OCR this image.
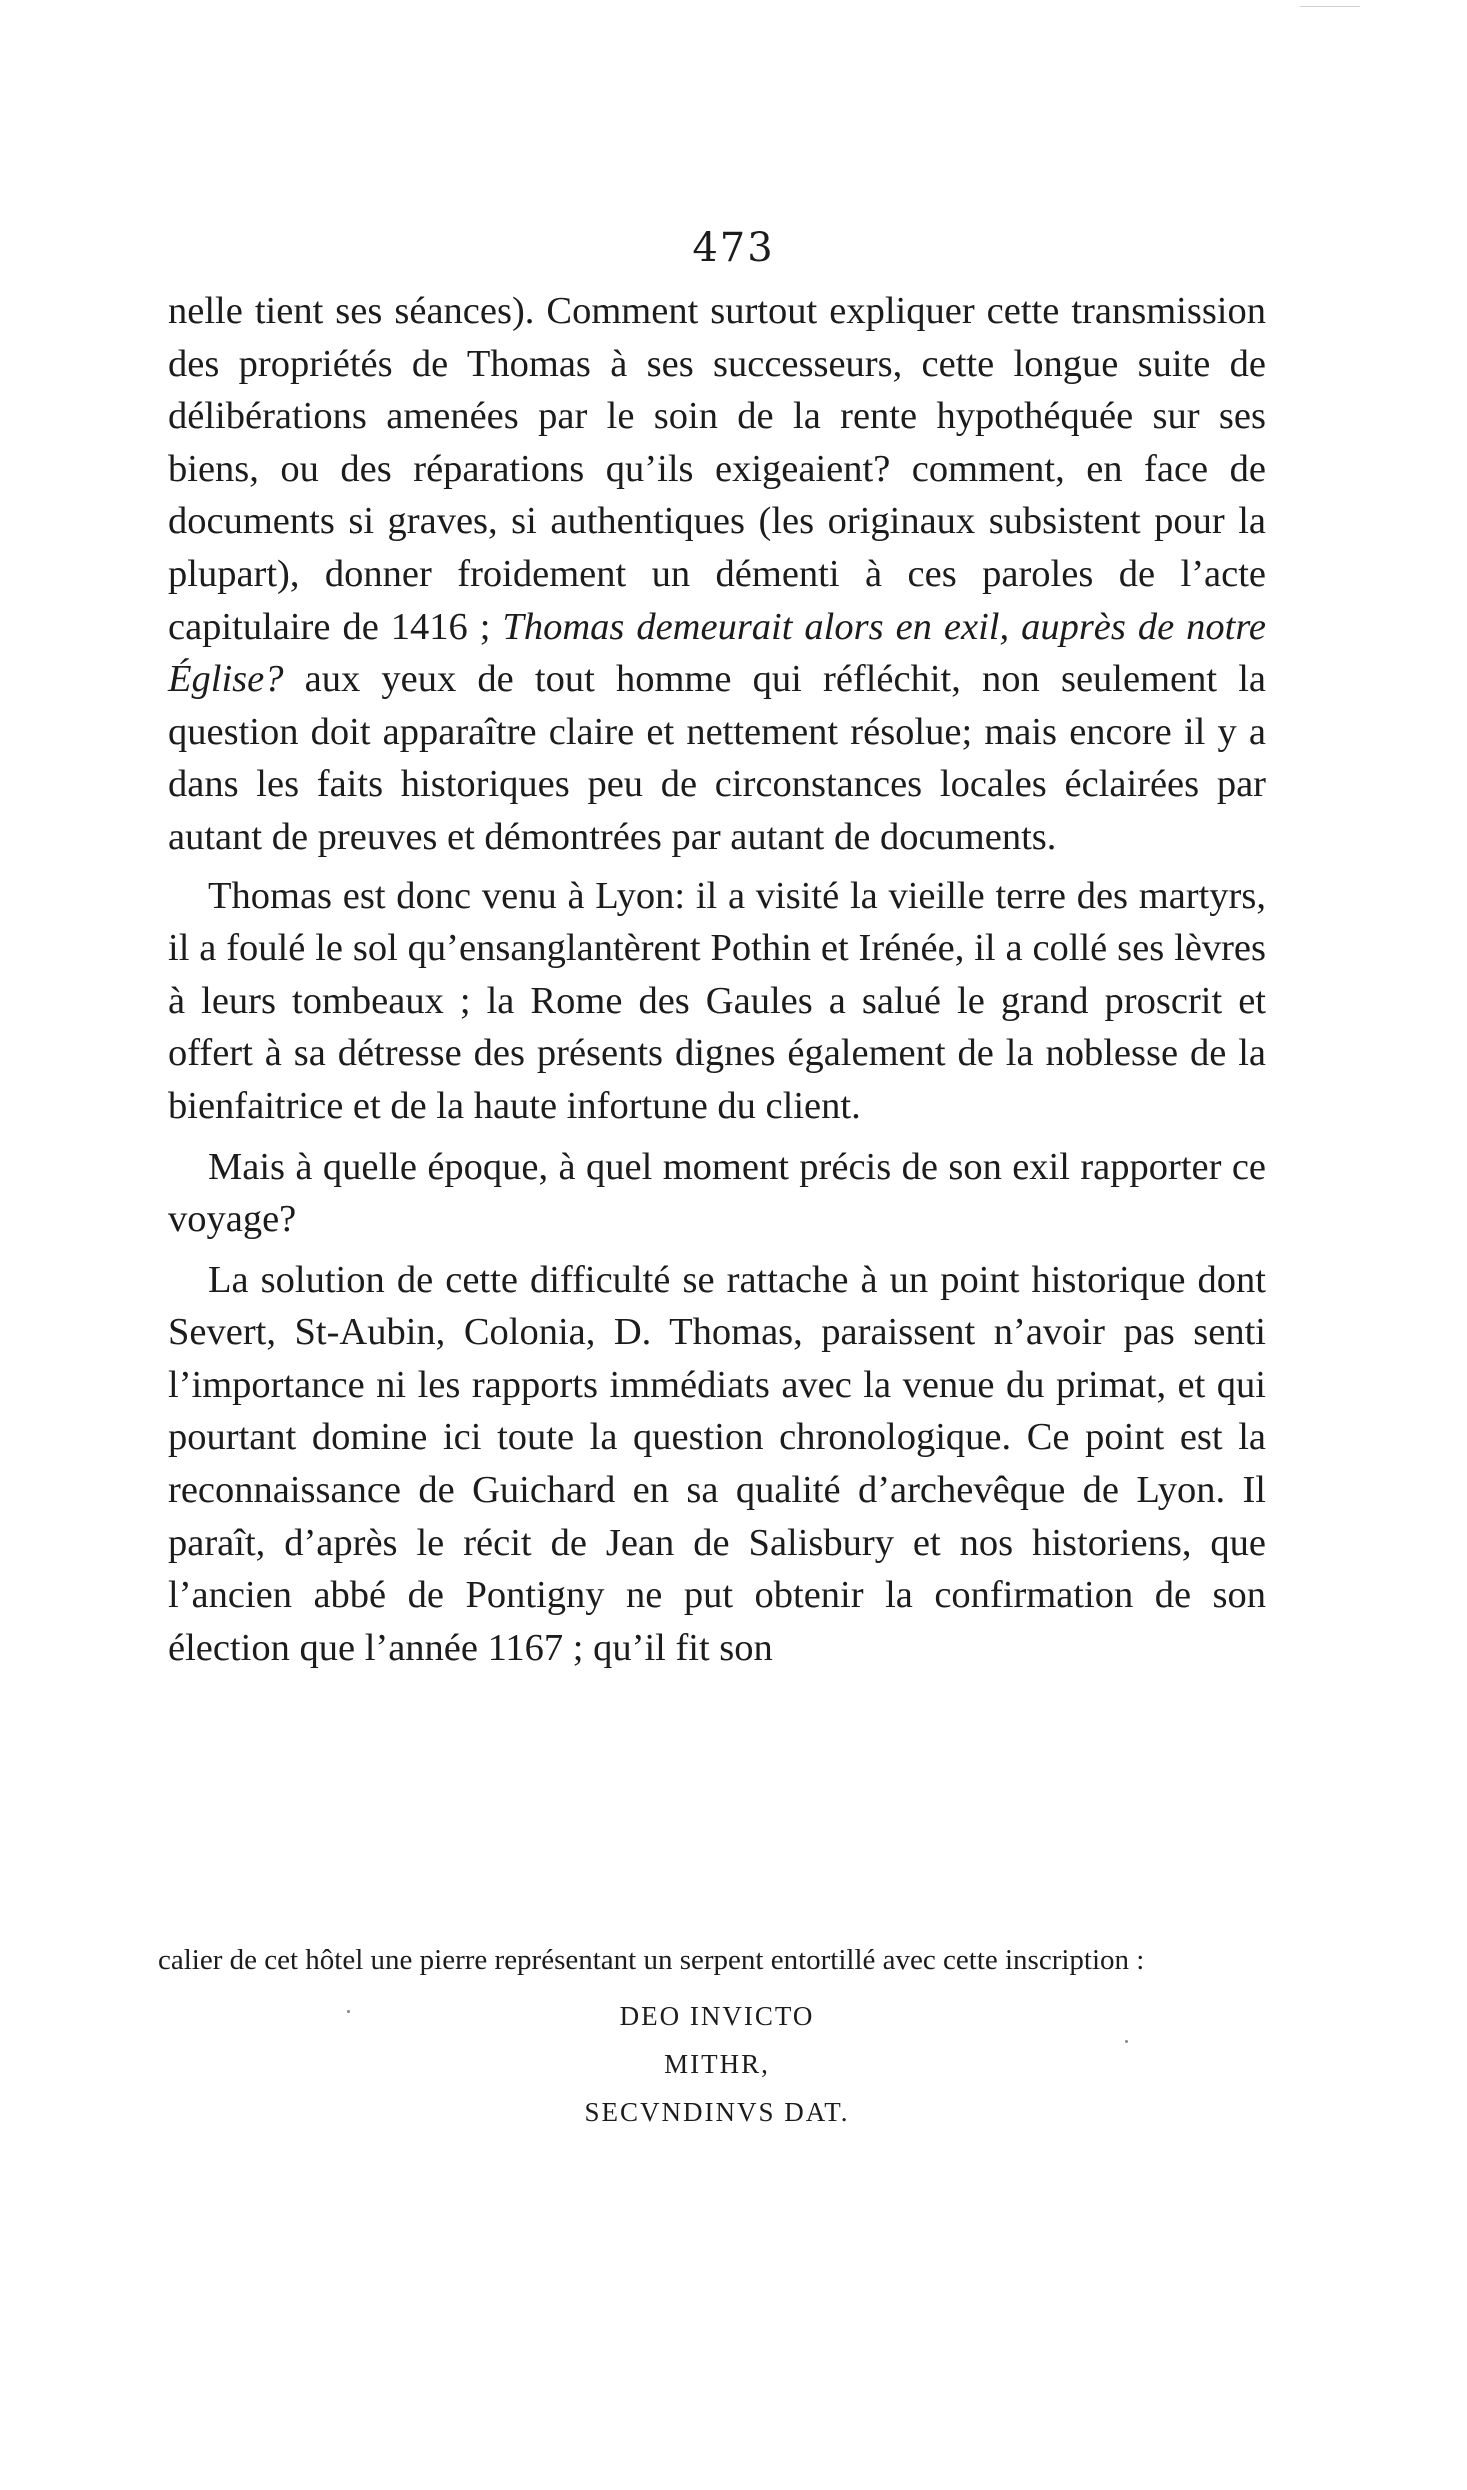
473

nelle tient ses séances). Comment surtout expliquer cette transmission des propriétés de Thomas à ses successeurs, cette longue suite de délibérations amenées par le soin de la rente hypothéquée sur ses biens, ou des réparations qu’ils exigeaient? comment, en face de documents si graves, si authentiques (les originaux subsistent pour la plupart), donner froidement un démenti à ces paroles de l’acte capitulaire de 1416 ; Thomas demeurait alors en exil, auprès de notre Église? aux yeux de tout homme qui réfléchit, non seulement la question doit apparaître claire et nettement résolue; mais encore il y a dans les faits historiques peu de circonstances locales éclairées par autant de preuves et démontrées par autant de documents.

Thomas est donc venu à Lyon: il a visité la vieille terre des martyrs, il a foulé le sol qu’ensanglantèrent Pothin et Irénée, il a collé ses lèvres à leurs tombeaux ; la Rome des Gaules a salué le grand proscrit et offert à sa détresse des présents dignes également de la noblesse de la bienfaitrice et de la haute infortune du client.

Mais à quelle époque, à quel moment précis de son exil rapporter ce voyage?

La solution de cette difficulté se rattache à un point historique dont Severt, St-Aubin, Colonia, D. Thomas, paraissent n’avoir pas senti l’importance ni les rapports immédiats avec la venue du primat, et qui pourtant domine ici toute la question chronologique. Ce point est la reconnaissance de Guichard en sa qualité d’archevêque de Lyon. Il paraît, d’après le récit de Jean de Salisbury et nos historiens, que l’ancien abbé de Pontigny ne put obtenir la confirmation de son élection que l’année 1167 ; qu’il fit son

calier de cet hôtel une pierre représentant un serpent entortillé avec cette inscription :

DEO INVICTO
MITHR,
SECVNDINVS DAT.
